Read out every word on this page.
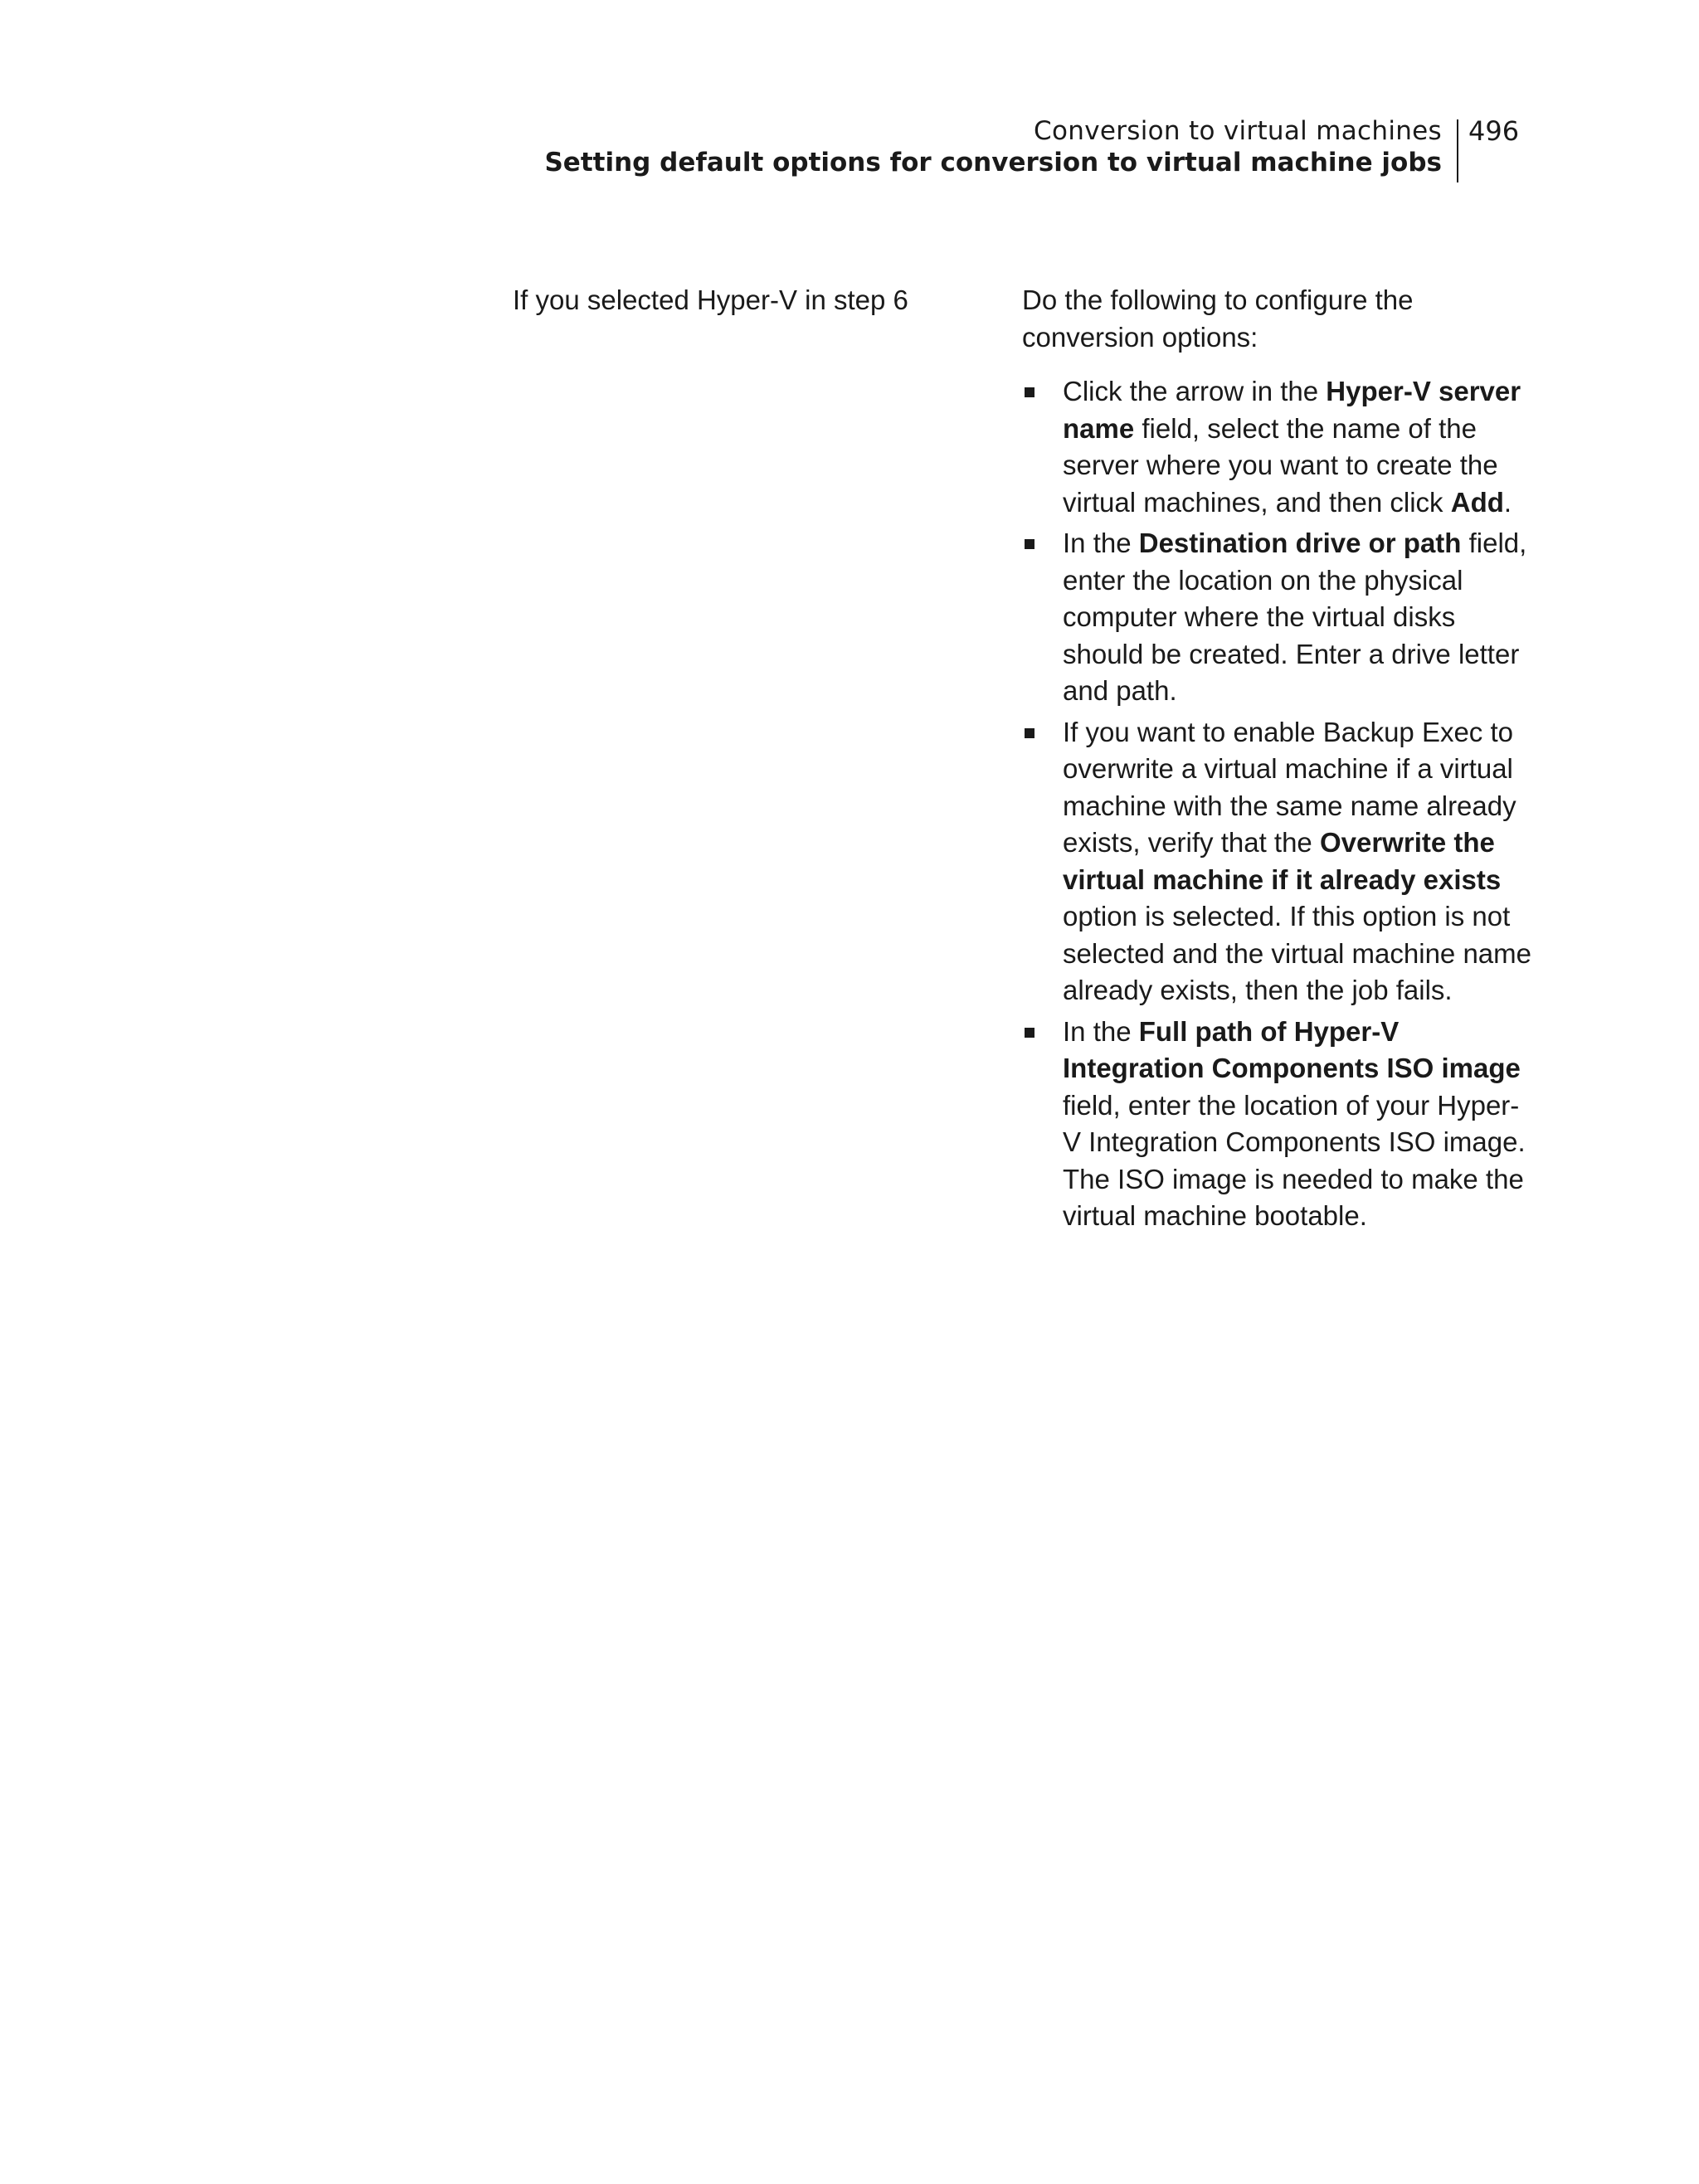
Conversion to virtual machines
Setting default options for conversion to virtual machine jobs
496
If you selected Hyper-V in step 6	Do the following to configure the conversion options:

Click the arrow in the Hyper-V server name field, select the name of the server where you want to create the virtual machines, and then click Add.
In the Destination drive or path field, enter the location on the physical computer where the virtual disks should be created. Enter a drive letter and path.
If you want to enable Backup Exec to overwrite a virtual machine if a virtual machine with the same name already exists, verify that the Overwrite the virtual machine if it already exists option is selected. If this option is not selected and the virtual machine name already exists, then the job fails.
In the Full path of Hyper-V Integration Components ISO image field, enter the location of your Hyper-V Integration Components ISO image. The ISO image is needed to make the virtual machine bootable.
